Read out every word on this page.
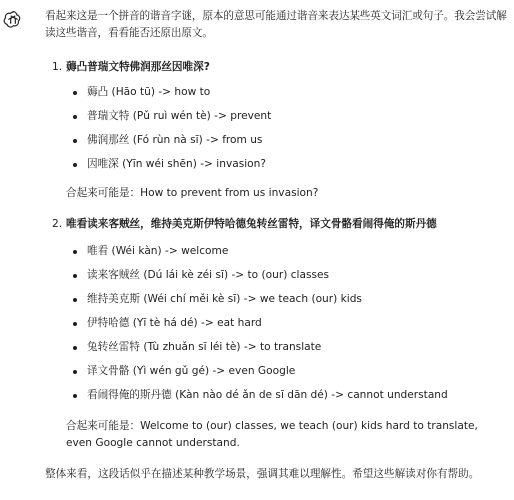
看起来这是一个拼音的谐音字谜，原本的意思可能通过谐音来表达某些英文词汇或句子。我会尝试解读这些谐音，看看能否还原出原文。

1. 薅凸普瑞文特佛润那丝因唯深?

薅凸 (Hāo tū) -> how to
普瑞文特 (Pǔ ruì wén tè) -> prevent
佛润那丝 (Fó rùn nà sī) -> from us
因唯深 (Yīn wéi shēn) -> invasion?

合起来可能是：How to prevent from us invasion?

2. 唯看读来客贼丝，维持美克斯伊特哈德兔转丝雷特，译文骨骼看闹得俺的斯丹德

唯看 (Wéi kàn) -> welcome
读来客贼丝 (Dú lái kè zéi sī) -> to (our) classes
维持美克斯 (Wéi chí měi kè sī) -> we teach (our) kids
伊特哈德 (Yī tè há dé) -> eat hard
兔转丝雷特 (Tù zhuǎn sī léi tè) -> to translate
译文骨骼 (Yì wén gǔ gé) -> even Google
看闹得俺的斯丹德 (Kàn nào dé ǎn de sī dān dé) -> cannot understand

合起来可能是：Welcome to (our) classes, we teach (our) kids hard to translate, even Google cannot understand.

整体来看，这段话似乎在描述某种教学场景，强调其难以理解性。希望这些解读对你有帮助。
